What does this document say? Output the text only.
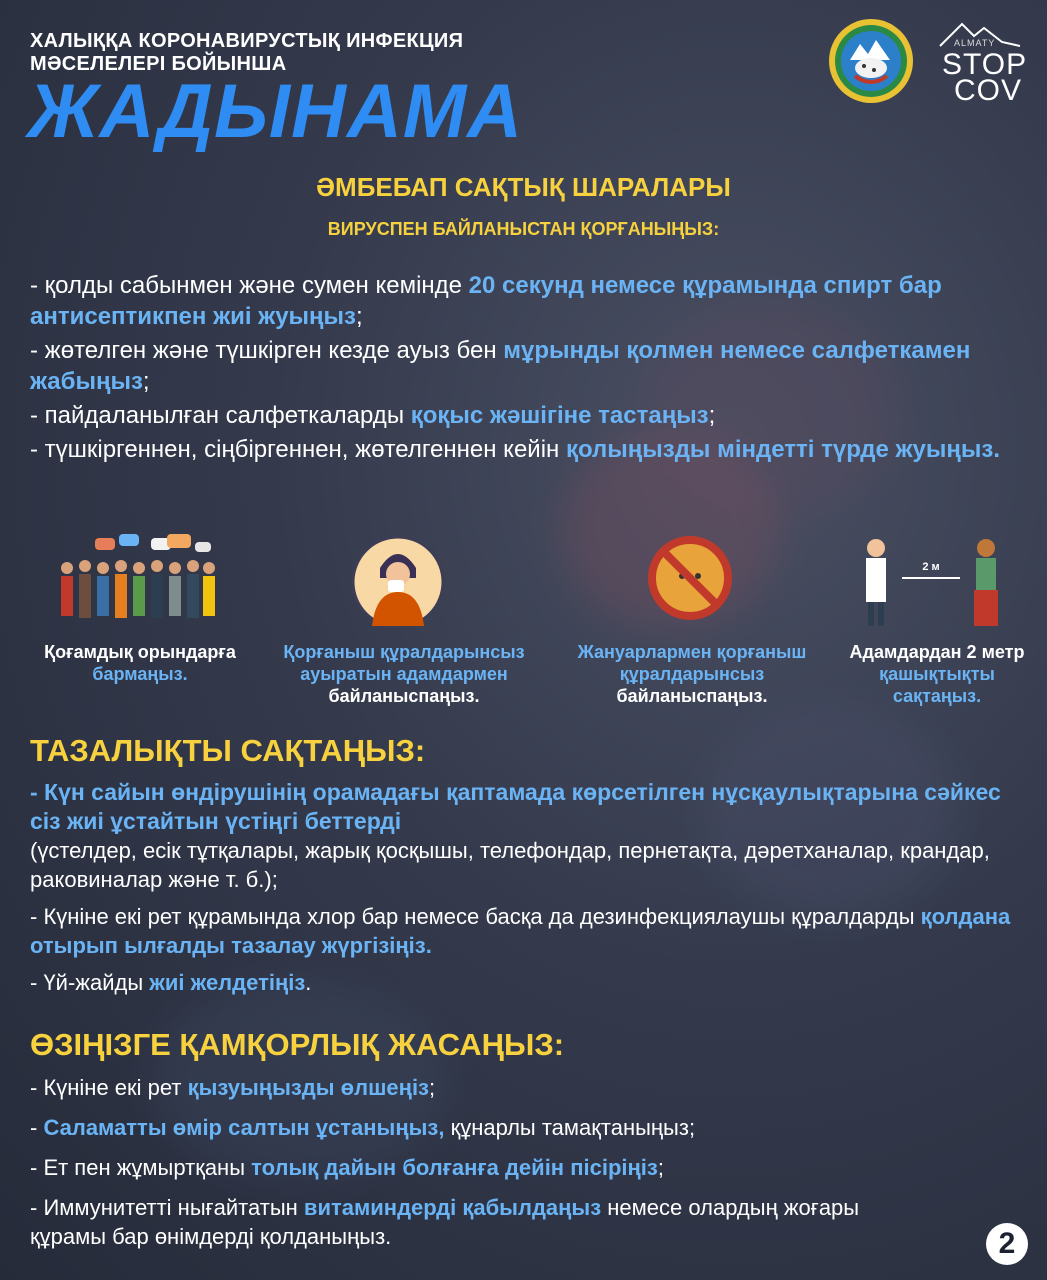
ХАЛЫҚҚА КОРОНАВИРУСТЫҚ ИНФЕКЦИЯ
МӘСЕЛЕЛЕРІ БОЙЫНША
ЖАДЫНАМА
ALMATY
STOP
COV
ӘМБЕБАП САҚТЫҚ ШАРАЛАРЫ
ВИРУСПЕН БАЙЛАНЫСТАН ҚОРҒАНЫҢЫЗ:
- қолды сабынмен және сумен кемінде 20 секунд немесе құрамында спирт бар антисептикпен жиі жуыңыз;
- жөтелген және түшкірген кезде ауыз бен мұрынды қолмен немесе салфеткамен жабыңыз;
- пайдаланылған салфеткаларды қоқыс жәшігіне тастаңыз;
- түшкіргеннен, сіңбіргеннен, жөтелгеннен кейін қолыңызды міндетті түрде жуыңыз.
2 м
Қоғамдық орындарға
бармаңыз.
Қорғаныш құралдарынсыз
ауыратын адамдармен
байланыспаңыз.
Жануарлармен қорғаныш
құралдарынсыз
байланыспаңыз.
Адамдардан 2 метр
қашықтықты
сақтаңыз.
ТАЗАЛЫҚТЫ САҚТАҢЫЗ:
- Күн сайын өндірушінің орамадағы қаптамада көрсетілген нұсқаулықтарына сәйкес сіз жиі ұстайтын үстіңгі беттерді
(үстелдер, есік тұтқалары, жарық қосқышы, телефондар, пернетақта, дәретханалар, крандар, раковиналар және т. б.);
- Күніне екі рет құрамында хлор бар немесе басқа да дезинфекциялаушы құралдарды қолдана отырып ылғалды тазалау жүргізіңіз.
- Үй-жайды жиі желдетіңіз.
ӨЗІҢІЗГЕ ҚАМҚОРЛЫҚ ЖАСАҢЫЗ:
- Күніне екі рет қызуыңызды өлшеңіз;
- Саламатты өмір салтын ұстаныңыз, құнарлы тамақтаныңыз;
- Ет пен жұмыртқаны толық дайын болғанға дейін пісіріңіз;
- Иммунитетті нығайтатын витаминдерді қабылдаңыз немесе олардың жоғары құрамы бар өнімдерді қолданыңыз.	2
